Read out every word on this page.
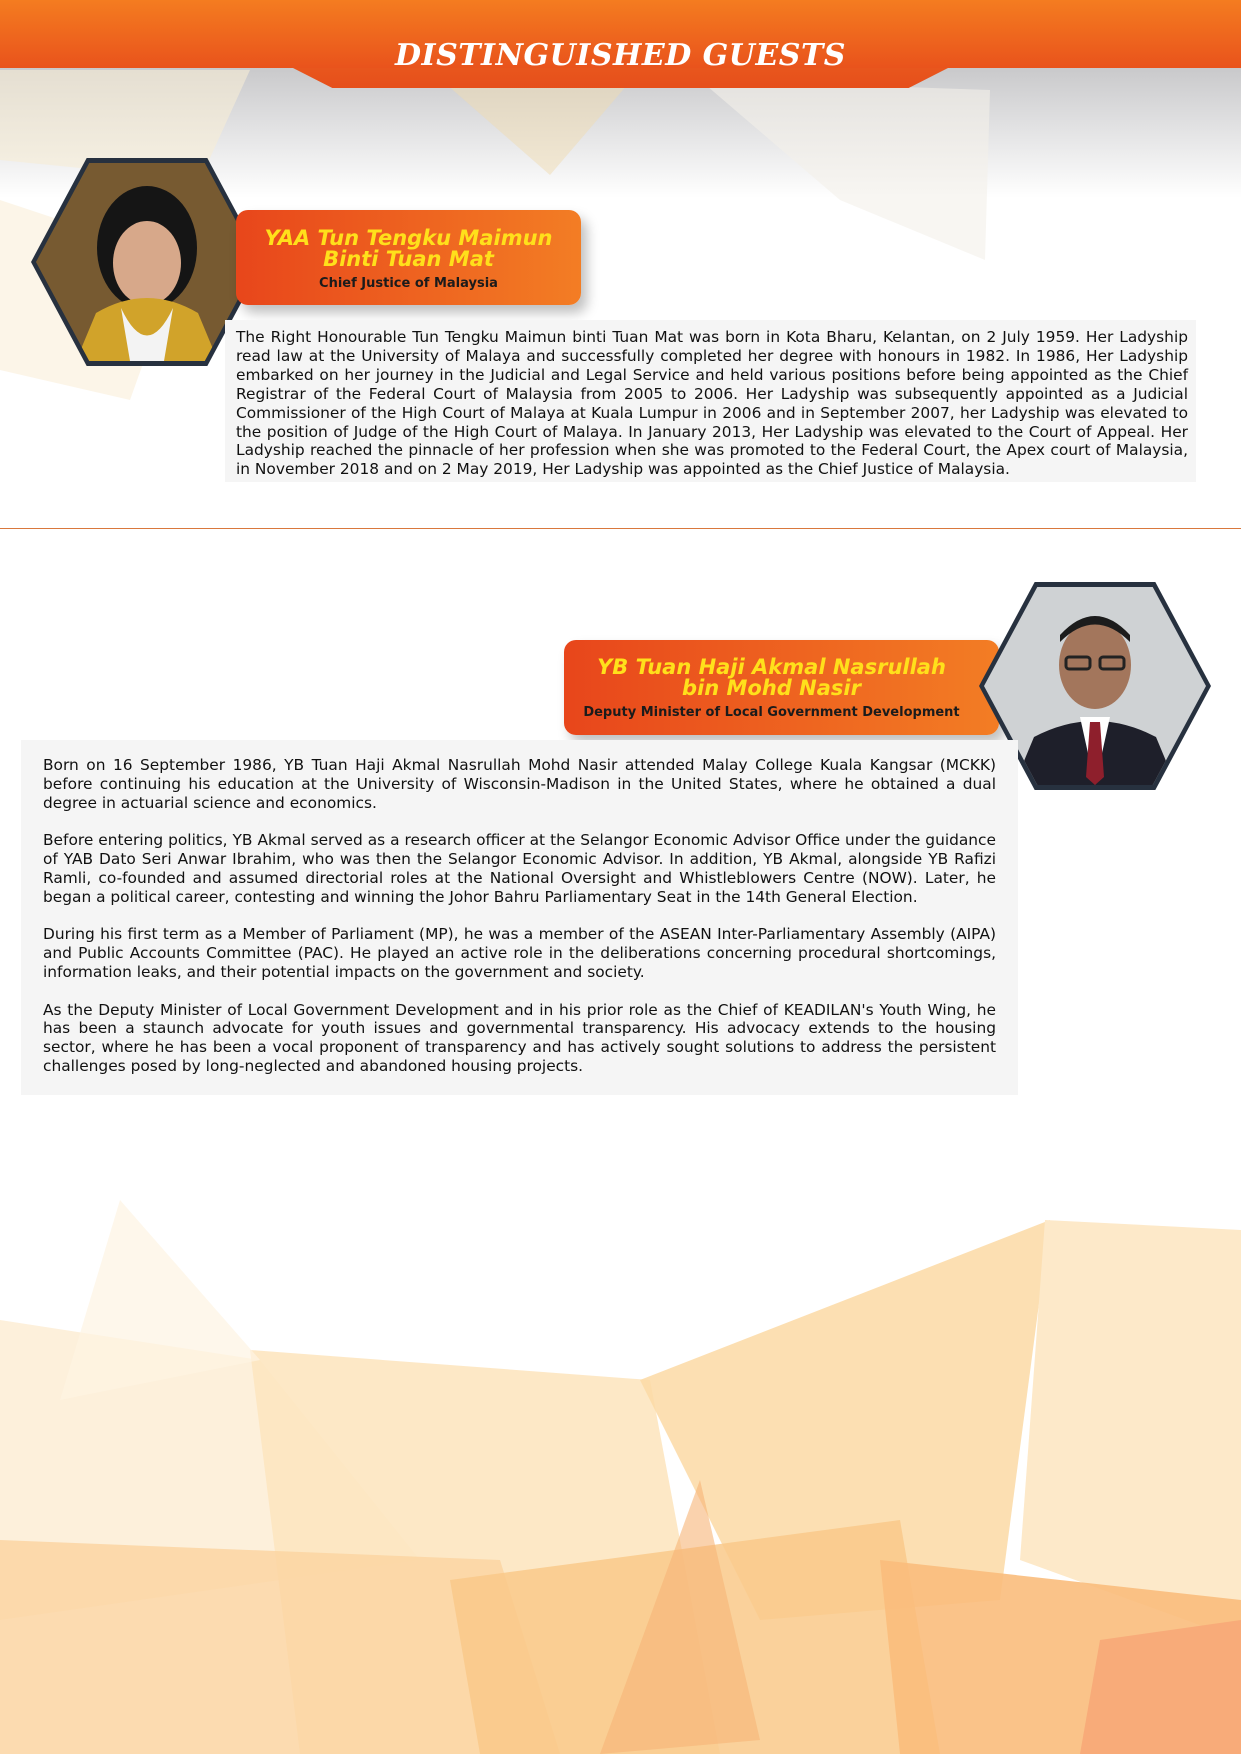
DISTINGUISHED GUESTS
YAA Tun Tengku Maimun
Binti Tuan Mat
Chief Justice of Malaysia

The Right Honourable Tun Tengku Maimun binti Tuan Mat was born in Kota Bharu, Kelantan, on 2 July 1959. Her Ladyship read law at the University of Malaya and successfully completed her degree with honours in 1982. In 1986, Her Ladyship embarked on her journey in the Judicial and Legal Service and held various positions before being appointed as the Chief Registrar of the Federal Court of Malaysia from 2005 to 2006. Her Ladyship was subsequently appointed as a Judicial Commissioner of the High Court of Malaya at Kuala Lumpur in 2006 and in September 2007, her Ladyship was elevated to the position of Judge of the High Court of Malaya. In January 2013, Her Ladyship was elevated to the Court of Appeal. Her Ladyship reached the pinnacle of her profession when she was promoted to the Federal Court, the Apex court of Malaysia, in November 2018 and on 2 May 2019, Her Ladyship was appointed as the Chief Justice of Malaysia.

YB Tuan Haji Akmal Nasrullah
bin Mohd Nasir
Deputy Minister of Local Government Development

Born on 16 September 1986, YB Tuan Haji Akmal Nasrullah Mohd Nasir attended Malay College Kuala Kangsar (MCKK) before continuing his education at the University of Wisconsin-Madison in the United States, where he obtained a dual degree in actuarial science and economics.

Before entering politics, YB Akmal served as a research officer at the Selangor Economic Advisor Office under the guidance of YAB Dato Seri Anwar Ibrahim, who was then the Selangor Economic Advisor. In addition, YB Akmal, alongside YB Rafizi Ramli, co-founded and assumed directorial roles at the National Oversight and Whistleblowers Centre (NOW). Later, he began a political career, contesting and winning the Johor Bahru Parliamentary Seat in the 14th General Election.

During his first term as a Member of Parliament (MP), he was a member of the ASEAN Inter-Parliamentary Assembly (AIPA) and Public Accounts Committee (PAC). He played an active role in the deliberations concerning procedural shortcomings, information leaks, and their potential impacts on the government and society.

As the Deputy Minister of Local Government Development and in his prior role as the Chief of KEADILAN's Youth Wing, he has been a staunch advocate for youth issues and governmental transparency. His advocacy extends to the housing sector, where he has been a vocal proponent of transparency and has actively sought solutions to address the persistent challenges posed by long-neglected and abandoned housing projects.
